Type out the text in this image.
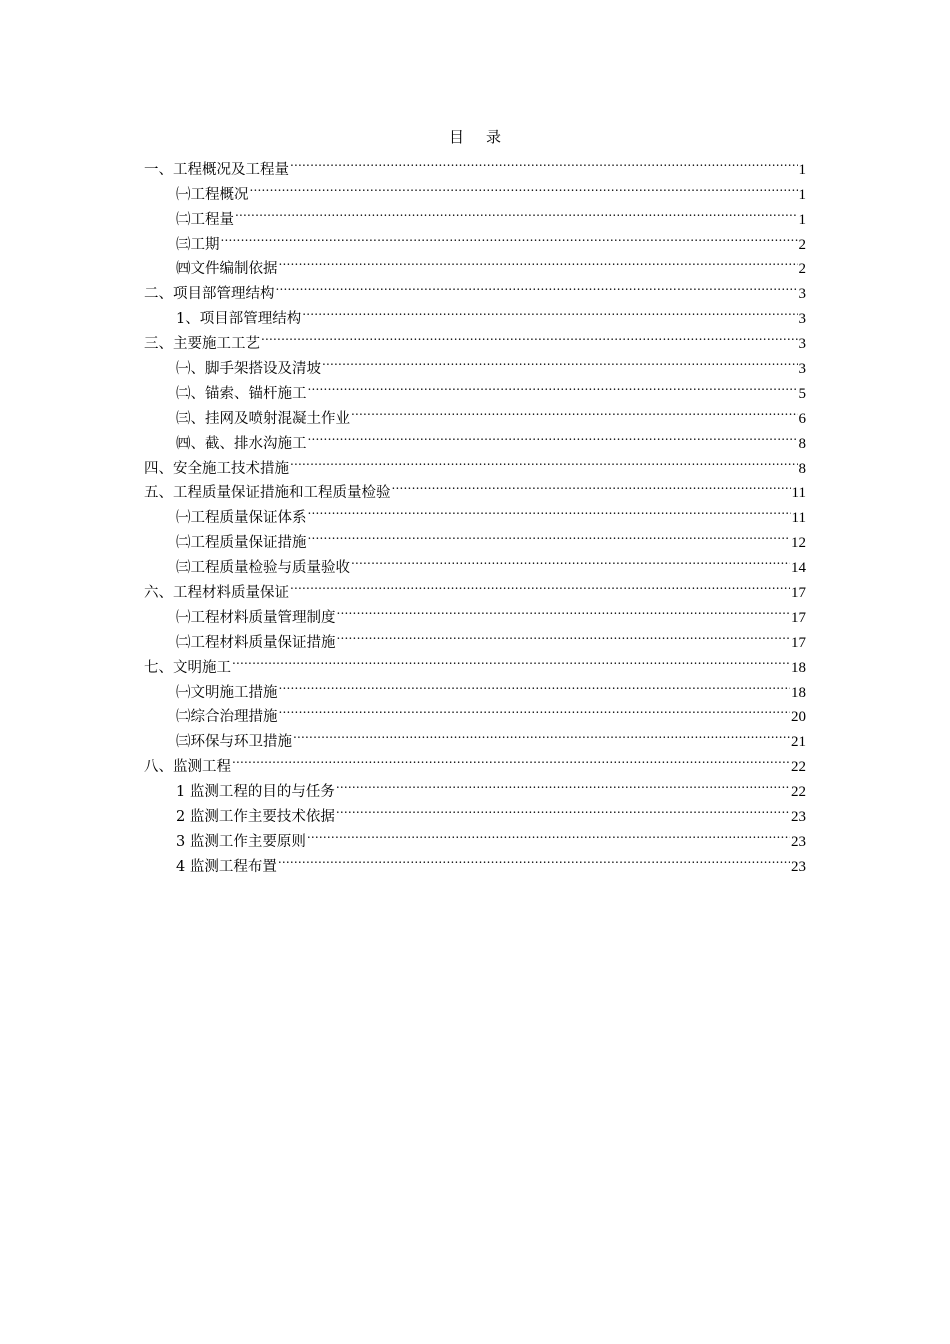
目 录
一、工程概况及工程量 .....	1
㈠工程概况 .....	1
㈡工程量 .....	1
㈢工期 .....	2
㈣文件编制依据 .....	2
二、项目部管理结构 .....	3
1、项目部管理结构 .....	3
三、主要施工工艺 .....	3
㈠、脚手架搭设及清坡 .....	3
㈡、锚索、锚杆施工 .....	5
㈢、挂网及喷射混凝土作业 .....	6
㈣、截、排水沟施工 .....	8
四、安全施工技术措施 .....	8
五、工程质量保证措施和工程质量检验 .....	11
㈠工程质量保证体系 .....	11
㈡工程质量保证措施 .....	12
㈢工程质量检验与质量验收 .....	14
六、工程材料质量保证 .....	17
㈠工程材料质量管理制度 .....	17
㈡工程材料质量保证措施 .....	17
七、文明施工 .....	18
㈠文明施工措施 .....	18
㈡综合治理措施 .....	20
㈢环保与环卫措施 .....	21
八、监测工程 .....	22
1 监测工程的目的与任务 .....	22
2 监测工作主要技术依据 .....	23
3 监测工作主要原则 .....	23
4 监测工程布置 .....	23
